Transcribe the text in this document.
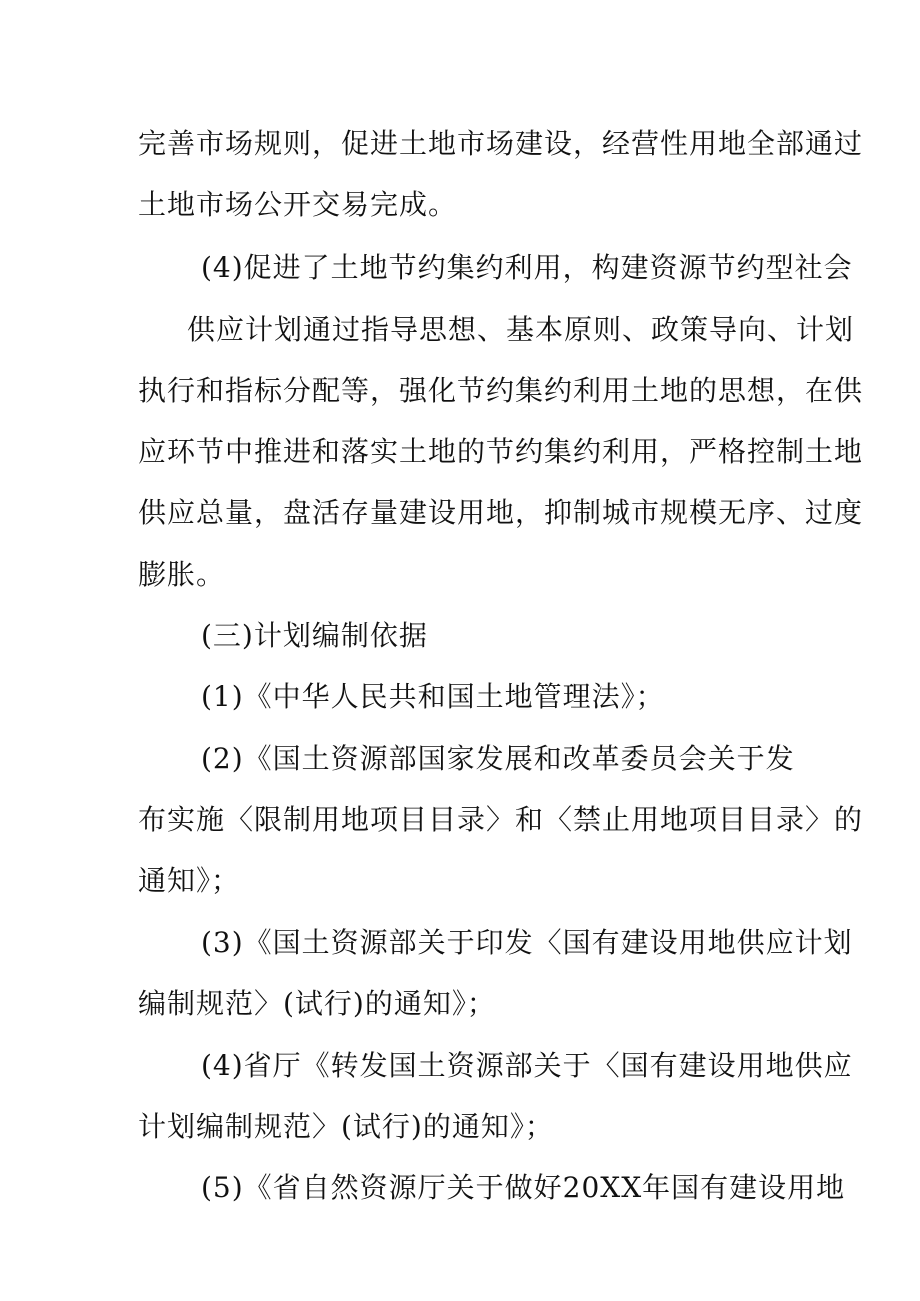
完善市场规则，促进土地市场建设，经营性用地全部通过
土地市场公开交易完成。
(4)促进了土地节约集约利用，构建资源节约型社会
供应计划通过指导思想、基本原则、政策导向、计划
执行和指标分配等，强化节约集约利用土地的思想，在供
应环节中推进和落实土地的节约集约利用，严格控制土地
供应总量，盘活存量建设用地，抑制城市规模无序、过度
膨胀。
(三)计划编制依据
(1)《中华人民共和国土地管理法》；
(2)《国土资源部国家发展和改革委员会关于发
布实施〈限制用地项目目录〉和〈禁止用地项目目录〉的
通知》；
(3)《国土资源部关于印发〈国有建设用地供应计划
编制规范〉(试行)的通知》；
(4)省厅《转发国土资源部关于〈国有建设用地供应
计划编制规范〉(试行)的通知》；
(5)《省自然资源厅关于做好20XX年国有建设用地
